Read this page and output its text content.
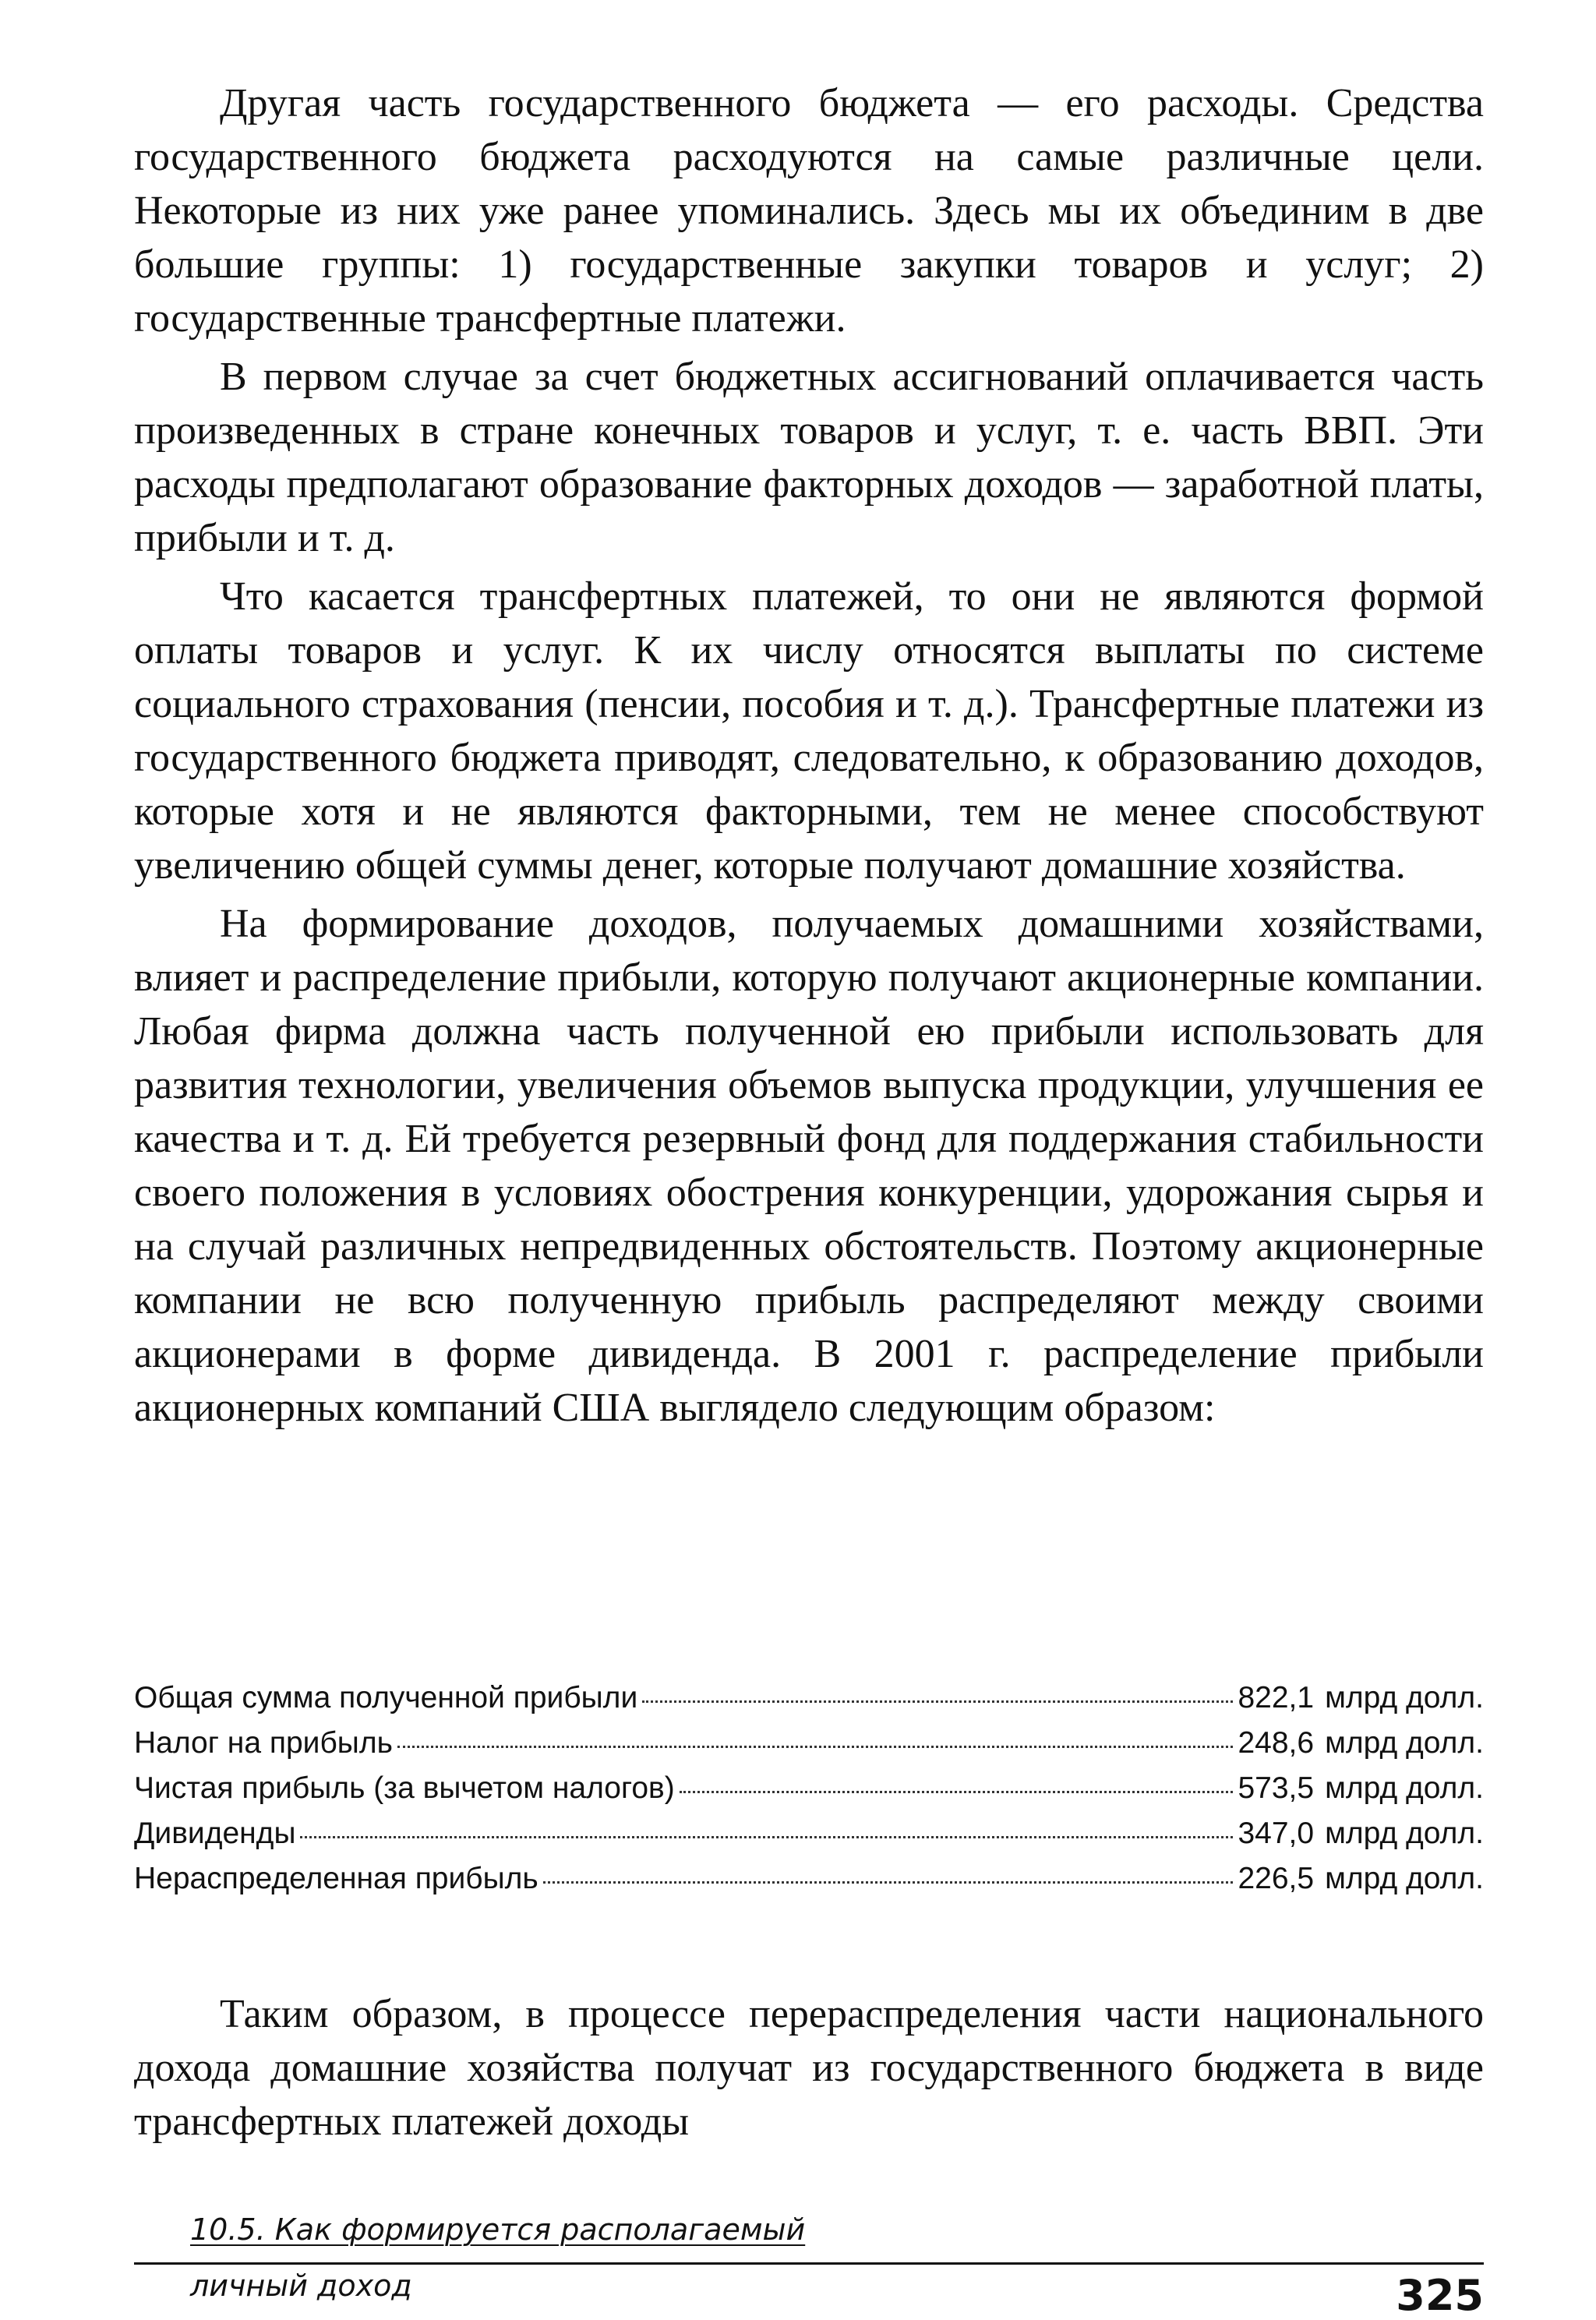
Другая часть государственного бюджета — его расходы. Средства государственного бюджета расходуются на самые различные цели. Некоторые из них уже ранее упоминались. Здесь мы их объединим в две большие группы: 1) государственные закупки товаров и услуг; 2) государственные трансфертные платежи.

В первом случае за счет бюджетных ассигнований оплачивается часть произведенных в стране конечных товаров и услуг, т. е. часть ВВП. Эти расходы предполагают образование факторных доходов — заработной платы, прибыли и т. д.

Что касается трансфертных платежей, то они не являются формой оплаты товаров и услуг. К их числу относятся выплаты по системе социального страхования (пенсии, пособия и т. д.). Трансфертные платежи из государственного бюджета приводят, следовательно, к образованию доходов, которые хотя и не являются факторными, тем не менее способствуют увеличению общей суммы денег, которые получают домашние хозяйства.

На формирование доходов, получаемых домашними хозяйствами, влияет и распределение прибыли, которую получают акционерные компании. Любая фирма должна часть полученной ею прибыли использовать для развития технологии, увеличения объемов выпуска продукции, улучшения ее качества и т. д. Ей требуется резервный фонд для поддержания стабильности своего положения в условиях обострения конкуренции, удорожания сырья и на случай различных непредвиденных обстоятельств. Поэтому акционерные компании не всю полученную прибыль распределяют между своими акционерами в форме дивиденда. В 2001 г. распределение прибыли акционерных компаний США выглядело следующим образом:

Общая сумма полученной прибыли	822,1 млрд долл.
Налог на прибыль	248,6 млрд долл.
Чистая прибыль (за вычетом налогов)	573,5 млрд долл.
Дивиденды	347,0 млрд долл.
Нераспределенная прибыль	226,5 млрд долл.

Таким образом, в процессе перераспределения части национального дохода домашние хозяйства получат из государственного бюджета в виде трансфертных платежей доходы

10.5. Как формируется располагаемый
личный доход	325
